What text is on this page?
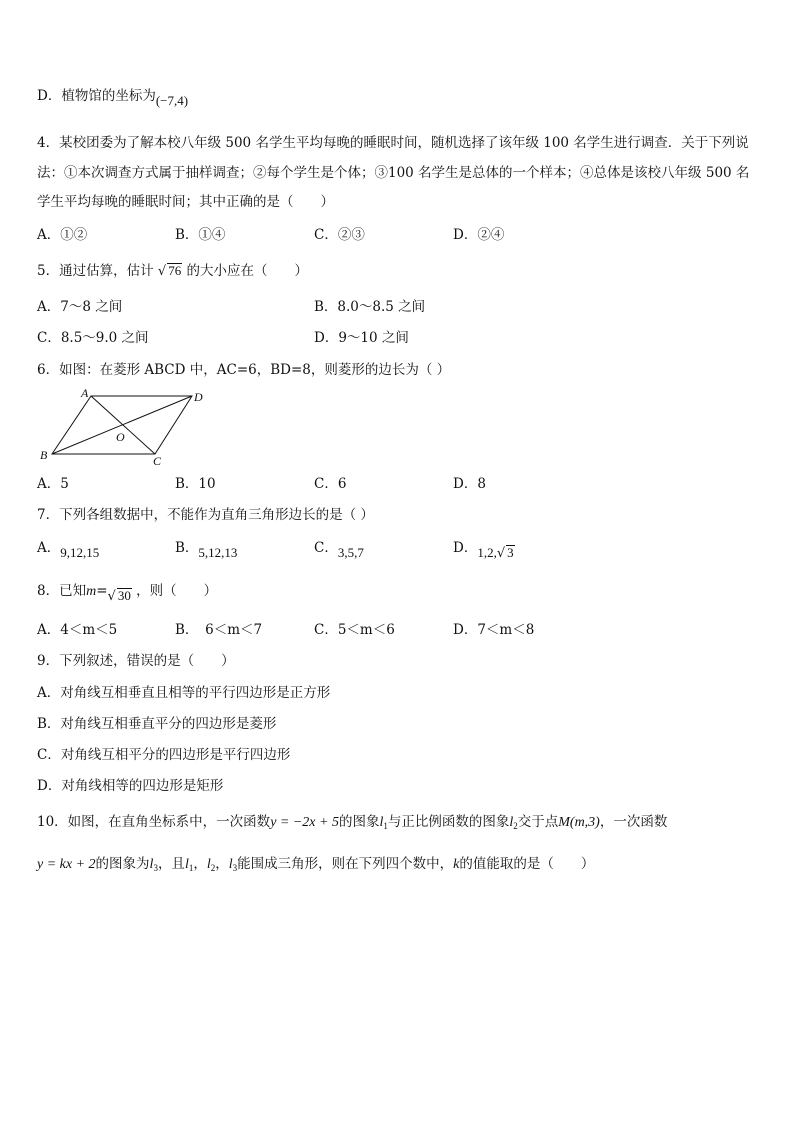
D．植物馆的坐标为(−7,4)
4．某校团委为了解本校八年级 500 名学生平均每晚的睡眠时间，随机选择了该年级 100 名学生进行调查．关于下列说
法：①本次调查方式属于抽样调查；②每个学生是个体；③100 名学生是总体的一个样本；④总体是该校八年级 500 名
学生平均每晚的睡眠时间；其中正确的是（　　）
A．①②	B．①④	C．②③	D．②④
5．通过估算，估计 √ 76 的大小应在（　　）
A．7～8 之间	B．8.0～8.5 之间
C．8.5～9.0 之间	D．9～10 之间
6．如图：在菱形 ABCD 中，AC=6，BD=8，则菱形的边长为（ ）
A	D
B	C
O
A．5	B．10	C．6	D．8
7．下列各组数据中，不能作为直角三角形边长的是（ ）
A．9,12,15	B．5,12,13	C．3,5,7	D．1,2,√ 3
8．已知m=√ 30 ，则（　　）
A．4＜m＜5	B．　6＜m＜7	C．5＜m＜6	D．7＜m＜8
9．下列叙述，错误的是（　　）
A．对角线互相垂直且相等的平行四边形是正方形
B．对角线互相垂直平分的四边形是菱形
C．对角线互相平分的四边形是平行四边形
D．对角线相等的四边形是矩形
10．如图，在直角坐标系中，一次函数y = −2x + 5的图象$l_1$与正比例函数的图象$l_2$交于点M(m,3)，一次函数
y = kx + 2的图象为$l_3$，且$l_1$，$l_2$，$l_3$能围成三角形，则在下列四个数中，k的值能取的是（　　）
